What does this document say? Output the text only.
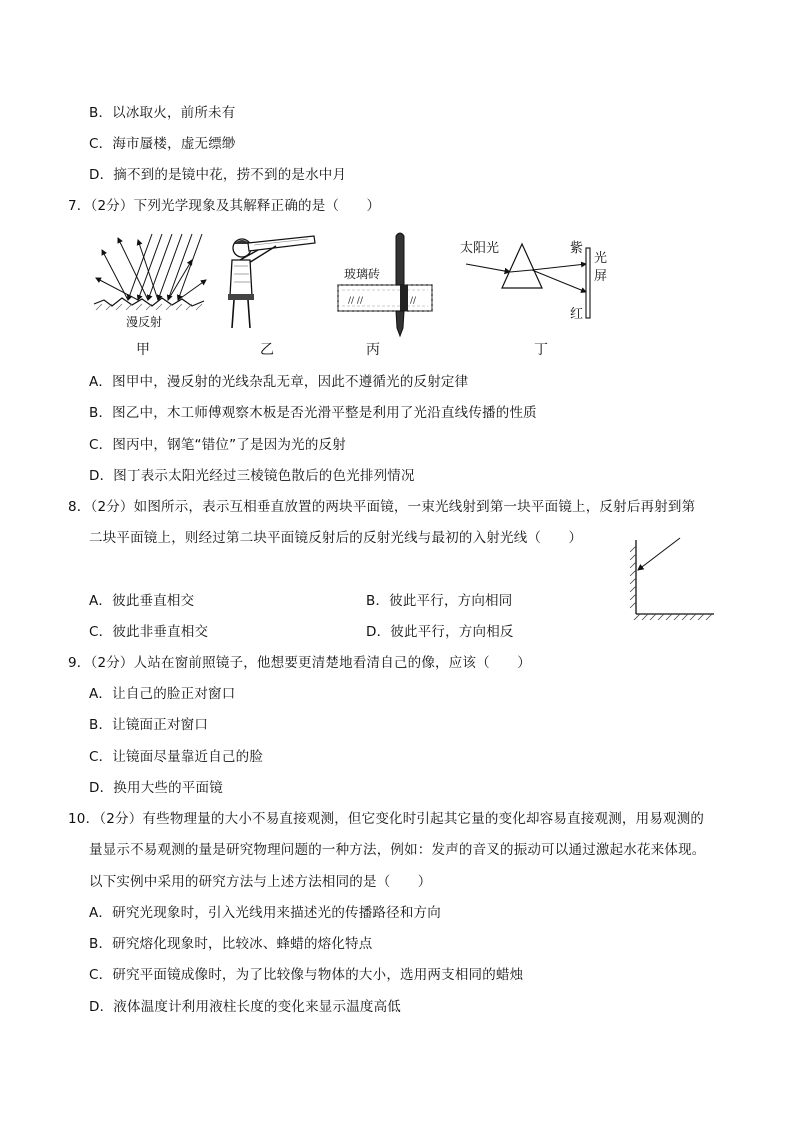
B．以冰取火，前所未有
C．海市蜃楼，虚无缥缈
D．摘不到的是镜中花，捞不到的是水中月
7．（2分）下列光学现象及其解释正确的是（　　）
漫反射
// //	//
玻璃砖
太阳光	紫
红
光
屏
甲	乙	丙	丁
A．图甲中，漫反射的光线杂乱无章，因此不遵循光的反射定律
B．图乙中，木工师傅观察木板是否光滑平整是利用了光沿直线传播的性质
C．图丙中，钢笔“错位”了是因为光的反射
D．图丁表示太阳光经过三棱镜色散后的色光排列情况
8．（2分）如图所示，表示互相垂直放置的两块平面镜，一束光线射到第一块平面镜上，反射后再射到第
二块平面镜上，则经过第二块平面镜反射后的反射光线与最初的入射光线（　　）
A．彼此垂直相交	B．彼此平行，方向相同
C．彼此非垂直相交	D．彼此平行，方向相反
9．（2分）人站在窗前照镜子，他想要更清楚地看清自己的像，应该（　　）
A．让自己的脸正对窗口
B．让镜面正对窗口
C．让镜面尽量靠近自己的脸
D．换用大些的平面镜
10．（2分）有些物理量的大小不易直接观测，但它变化时引起其它量的变化却容易直接观测，用易观测的
量显示不易观测的量是研究物理问题的一种方法，例如：发声的音叉的振动可以通过激起水花来体现。
以下实例中采用的研究方法与上述方法相同的是（　　）
A．研究光现象时，引入光线用来描述光的传播路径和方向
B．研究熔化现象时，比较冰、蜂蜡的熔化特点
C．研究平面镜成像时，为了比较像与物体的大小，选用两支相同的蜡烛
D．液体温度计利用液柱长度的变化来显示温度高低
